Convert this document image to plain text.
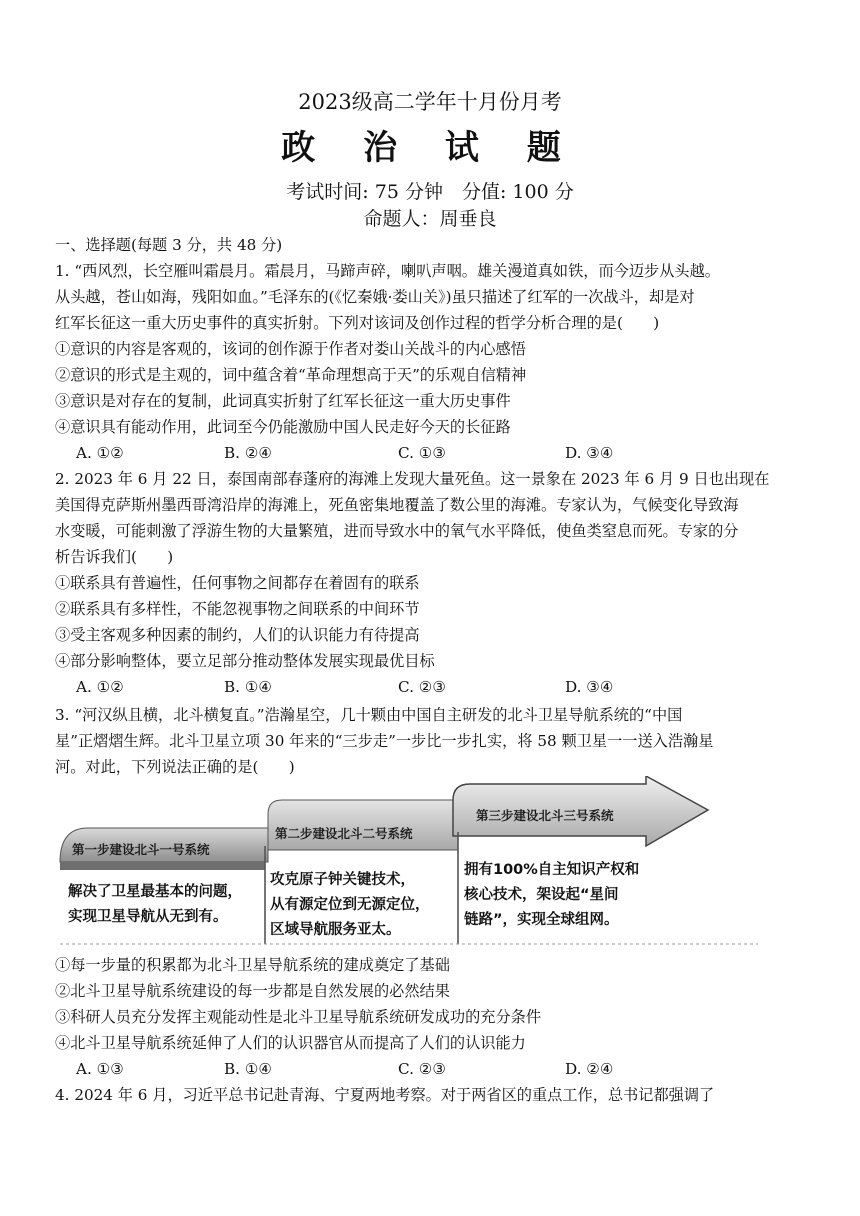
2023级高二学年十月份月考
政 治 试 题
考试时间: 75 分钟　分值: 100 分
命题人：周垂良
一、选择题(每题 3 分，共 48 分)
1. “西风烈，长空雁叫霜晨月。霜晨月，马蹄声碎，喇叭声咽。雄关漫道真如铁，而今迈步从头越。
从头越，苍山如海，残阳如血。”毛泽东的(《忆秦娥·娄山关》)虽只描述了红军的一次战斗，却是对
红军长征这一重大历史事件的真实折射。下列对该词及创作过程的哲学分析合理的是(　　)
①意识的内容是客观的，该词的创作源于作者对娄山关战斗的内心感悟
②意识的形式是主观的，词中蕴含着“革命理想高于天”的乐观自信精神
③意识是对存在的复制，此词真实折射了红军长征这一重大历史事件
④意识具有能动作用，此词至今仍能激励中国人民走好今天的长征路
A. ①②	B. ②④	C. ①③	D. ③④
2. 2023 年 6 月 22 日，泰国南部春蓬府的海滩上发现大量死鱼。这一景象在 2023 年 6 月 9 日也出现在
美国得克萨斯州墨西哥湾沿岸的海滩上，死鱼密集地覆盖了数公里的海滩。专家认为，气候变化导致海
水变暖，可能刺激了浮游生物的大量繁殖，进而导致水中的氧气水平降低，使鱼类窒息而死。专家的分
析告诉我们(　　)
①联系具有普遍性，任何事物之间都存在着固有的联系
②联系具有多样性，不能忽视事物之间联系的中间环节
③受主客观多种因素的制约，人们的认识能力有待提高
④部分影响整体，要立足部分推动整体发展实现最优目标
A. ①②	B. ①④	C. ②③	D. ③④
3. “河汉纵且横，北斗横复直。”浩瀚星空，几十颗由中国自主研发的北斗卫星导航系统的“中国
星”正熠熠生辉。北斗卫星立项 30 年来的“三步走”一步比一步扎实，将 58 颗卫星一一送入浩瀚星
河。对此，下列说法正确的是(　　)
第一步建设北斗一号系统
第二步建设北斗二号系统
第三步建设北斗三号系统
解决了卫星最基本的问题，
实现卫星导航从无到有。
攻克原子钟关键技术，
从有源定位到无源定位，
区域导航服务亚太。
拥有100%自主知识产权和
核心技术，架设起“星间
链路”，实现全球组网。
①每一步量的积累都为北斗卫星导航系统的建成奠定了基础
②北斗卫星导航系统建设的每一步都是自然发展的必然结果
③科研人员充分发挥主观能动性是北斗卫星导航系统研发成功的充分条件
④北斗卫星导航系统延伸了人们的认识器官从而提高了人们的认识能力
A. ①③	B. ①④	C. ②③	D. ②④
4. 2024 年 6 月，习近平总书记赴青海、宁夏两地考察。对于两省区的重点工作，总书记都强调了
